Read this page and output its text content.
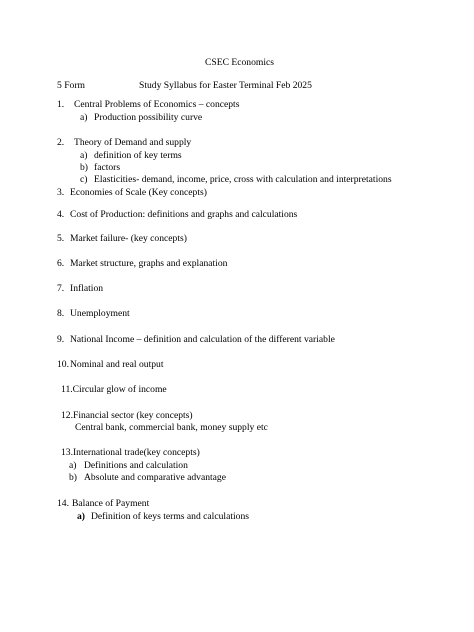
CSEC Economics
5 Form	Study Syllabus for Easter Terminal Feb 2025
1. Central Problems of Economics – concepts
a) Production possibility curve
2. Theory of Demand and supply
a) definition of key terms
b) factors
c) Elasticities- demand, income, price, cross with calculation and interpretations
3. Economies of Scale (Key concepts)
4. Cost of Production: definitions and graphs and calculations
5. Market failure- (key concepts)
6. Market structure, graphs and explanation
7. Inflation
8. Unemployment
9. National Income – definition and calculation of the different variable
10. Nominal and real output
11.Circular glow of income
12.Financial sector (key concepts)
Central bank, commercial bank, money supply etc
13.International trade(key concepts)
a) Definitions and calculation
b) Absolute and comparative advantage
14. Balance of Payment
a) Definition of keys terms and calculations
